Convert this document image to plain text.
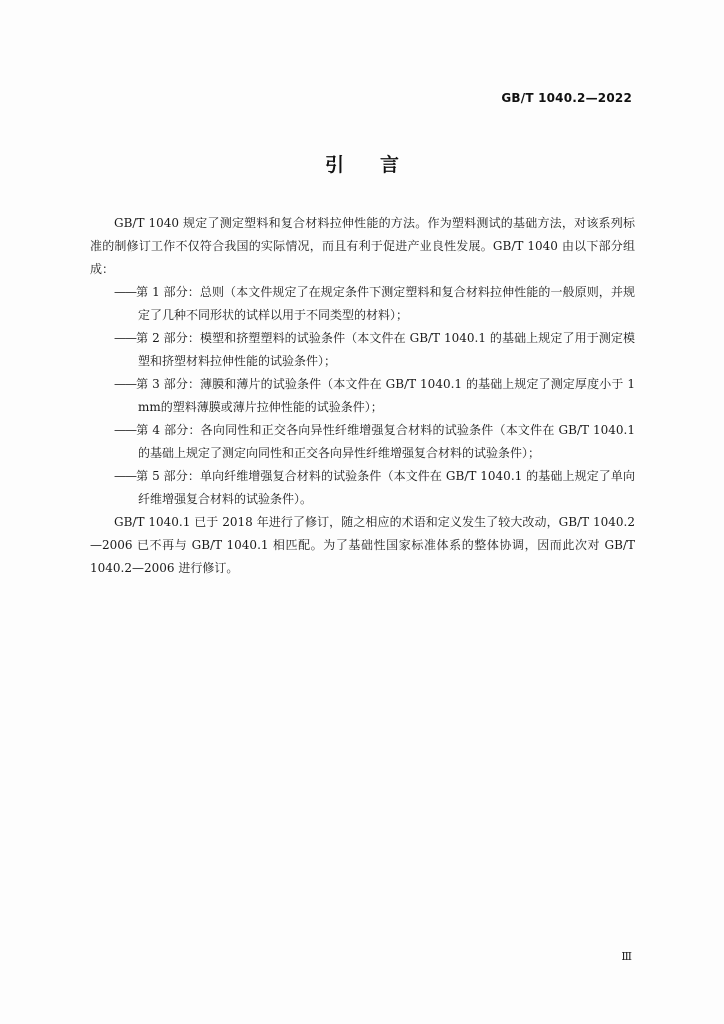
GB/T 1040.2—2022
引言

GB/T 1040 规定了测定塑料和复合材料拉伸性能的方法。作为塑料测试的基础方法，对该系列标准的制修订工作不仅符合我国的实际情况，而且有利于促进产业良性发展。GB/T 1040 由以下部分组成：

——第 1 部分：总则（本文件规定了在规定条件下测定塑料和复合材料拉伸性能的一般原则，并规定了几种不同形状的试样以用于不同类型的材料）；

——第 2 部分：模塑和挤塑塑料的试验条件（本文件在 GB/T 1040.1 的基础上规定了用于测定模塑和挤塑材料拉伸性能的试验条件）；

——第 3 部分：薄膜和薄片的试验条件（本文件在 GB/T 1040.1 的基础上规定了测定厚度小于 1 mm的塑料薄膜或薄片拉伸性能的试验条件）；

——第 4 部分：各向同性和正交各向异性纤维增强复合材料的试验条件（本文件在 GB/T 1040.1 的基础上规定了测定向同性和正交各向异性纤维增强复合材料的试验条件）；

——第 5 部分：单向纤维增强复合材料的试验条件（本文件在 GB/T 1040.1 的基础上规定了单向纤维增强复合材料的试验条件）。

GB/T 1040.1 已于 2018 年进行了修订，随之相应的术语和定义发生了较大改动，GB/T 1040.2—2006 已不再与 GB/T 1040.1 相匹配。为了基础性国家标准体系的整体协调，因而此次对 GB/T 1040.2—2006 进行修订。

Ⅲ
